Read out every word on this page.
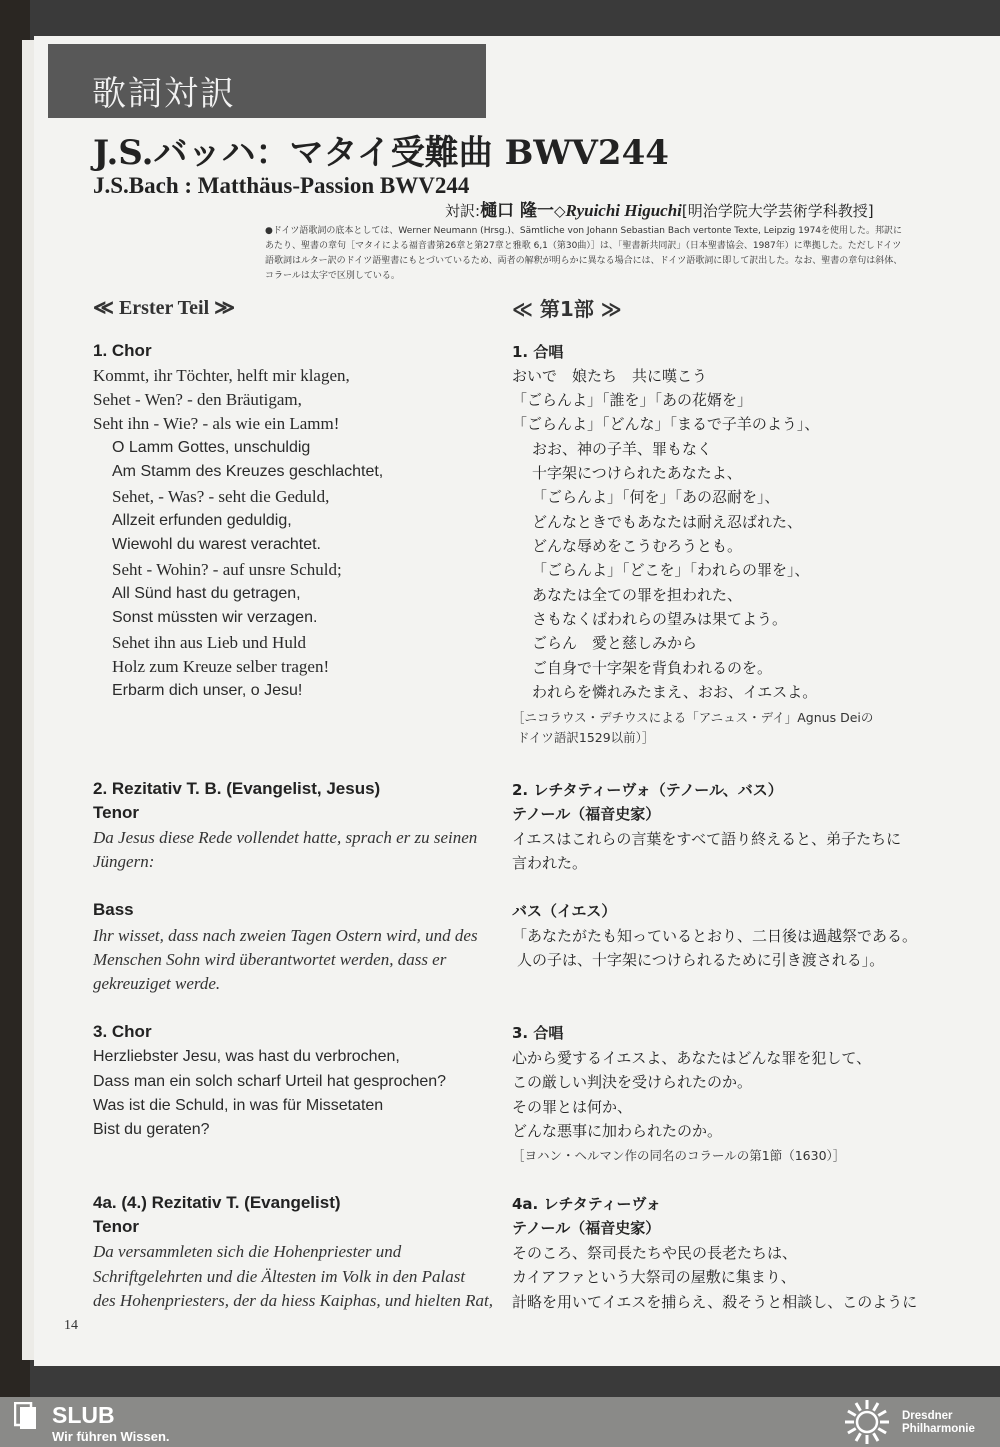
歌詞対訳
J.S.バッハ：マタイ受難曲 BWV244
J.S.Bach : Matthäus-Passion BWV244
対訳:樋口 隆一◇Ryuichi Higuchi[明治学院大学芸術学科教授]
●ドイツ語歌詞の底本としては、Werner Neumann (Hrsg.)、Sämtliche von Johann Sebastian Bach vertonte Texte, Leipzig 1974を使用した。邦訳に
あたり、聖書の章句［マタイによる福音書第26章と第27章と雅歌 6,1（第30曲）］は、「聖書新共同訳」（日本聖書協会、1987年）に準拠した。ただしドイツ
語歌詞はルター訳のドイツ語聖書にもとづいているため、両者の解釈が明らかに異なる場合には、ドイツ語歌詞に即して訳出した。なお、聖書の章句は斜体、
コラールは太字で区別している。
≪ Erster Teil ≫
1. Chor
Kommt, ihr Töchter, helft mir klagen,
Sehet - Wen? - den Bräutigam,
Seht ihn - Wie? - als wie ein Lamm!
O Lamm Gottes, unschuldig
Am Stamm des Kreuzes geschlachtet,
Sehet, - Was? - seht die Geduld,
Allzeit erfunden geduldig,
Wiewohl du warest verachtet.
Seht - Wohin? - auf unsre Schuld;
All Sünd hast du getragen,
Sonst müssten wir verzagen.
Sehet ihn aus Lieb und Huld
Holz zum Kreuze selber tragen!
Erbarm dich unser, o Jesu!
2. Rezitativ T. B. (Evangelist, Jesus)
Tenor
Da Jesus diese Rede vollendet hatte, sprach er zu seinen
Jüngern:
Bass
Ihr wisset, dass nach zweien Tagen Ostern wird, und des
Menschen Sohn wird überantwortet werden, dass er
gekreuziget werde.
3. Chor
Herzliebster Jesu, was hast du verbrochen,
Dass man ein solch scharf Urteil hat gesprochen?
Was ist die Schuld, in was für Missetaten
Bist du geraten?
4a. (4.) Rezitativ T. (Evangelist)
Tenor
Da versammleten sich die Hohenpriester und
Schriftgelehrten und die Ältesten im Volk in den Palast
des Hohenpriesters, der da hiess Kaiphas, und hielten Rat,
≪ 第1部 ≫
1. 合唱
おいで　娘たち　共に嘆こう
「ごらんよ」「誰を」「あの花婿を」
「ごらんよ」「どんな」「まるで子羊のよう」、
おお、神の子羊、罪もなく
十字架につけられたあなたよ、
「ごらんよ」「何を」「あの忍耐を」、
どんなときでもあなたは耐え忍ばれた、
どんな辱めをこうむろうとも。
「ごらんよ」「どこを」「われらの罪を」、
あなたは全ての罪を担われた、
さもなくばわれらの望みは果てよう。
ごらん　愛と慈しみから
ご自身で十字架を背負われるのを。
われらを憐れみたまえ、おお、イエスよ。
［ニコラウス・デチウスによる「アニュス・デイ」Agnus Deiの
ドイツ語訳1529以前）］
2. レチタティーヴォ（テノール、バス）
テノール（福音史家）
イエスはこれらの言葉をすべて語り終えると、弟子たちに
言われた。
バス（イエス）
「あなたがたも知っているとおり、二日後は過越祭である。
人の子は、十字架につけられるために引き渡される」。
3. 合唱
心から愛するイエスよ、あなたはどんな罪を犯して、
この厳しい判決を受けられたのか。
その罪とは何か、
どんな悪事に加わられたのか。
［ヨハン・ヘルマン作の同名のコラールの第1節（1630）］
4a. レチタティーヴォ
テノール（福音史家）
そのころ、祭司長たちや民の長老たちは、
カイアファという大祭司の屋敷に集まり、
計略を用いてイエスを捕らえ、殺そうと相談し、このように
14
SLUB
Wir führen Wissen.
Dresdner
Philharmonie
